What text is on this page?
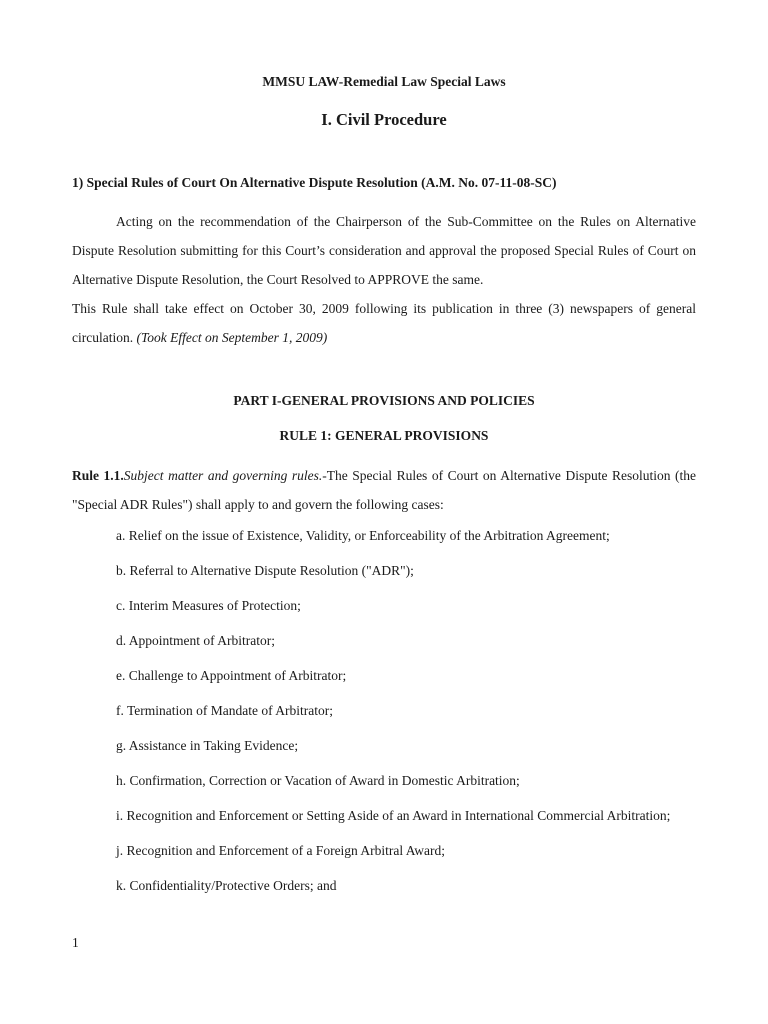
MMSU LAW-Remedial Law Special Laws
I. Civil Procedure
1) Special Rules of Court On Alternative Dispute Resolution (A.M. No. 07-11-08-SC)
Acting on the recommendation of the Chairperson of the Sub-Committee on the Rules on Alternative Dispute Resolution submitting for this Court’s consideration and approval the proposed Special Rules of Court on Alternative Dispute Resolution, the Court Resolved to APPROVE the same.
This Rule shall take effect on October 30, 2009 following its publication in three (3) newspapers of general circulation. (Took Effect on September 1, 2009)
PART I-GENERAL PROVISIONS AND POLICIES
RULE 1: GENERAL PROVISIONS
Rule 1.1.Subject matter and governing rules.-The Special Rules of Court on Alternative Dispute Resolution (the "Special ADR Rules") shall apply to and govern the following cases:
a. Relief on the issue of Existence, Validity, or Enforceability of the Arbitration Agreement;
b. Referral to Alternative Dispute Resolution ("ADR");
c. Interim Measures of Protection;
d. Appointment of Arbitrator;
e. Challenge to Appointment of Arbitrator;
f. Termination of Mandate of Arbitrator;
g. Assistance in Taking Evidence;
h. Confirmation, Correction or Vacation of Award in Domestic Arbitration;
i. Recognition and Enforcement or Setting Aside of an Award in International Commercial Arbitration;
j. Recognition and Enforcement of a Foreign Arbitral Award;
k. Confidentiality/Protective Orders; and
1
